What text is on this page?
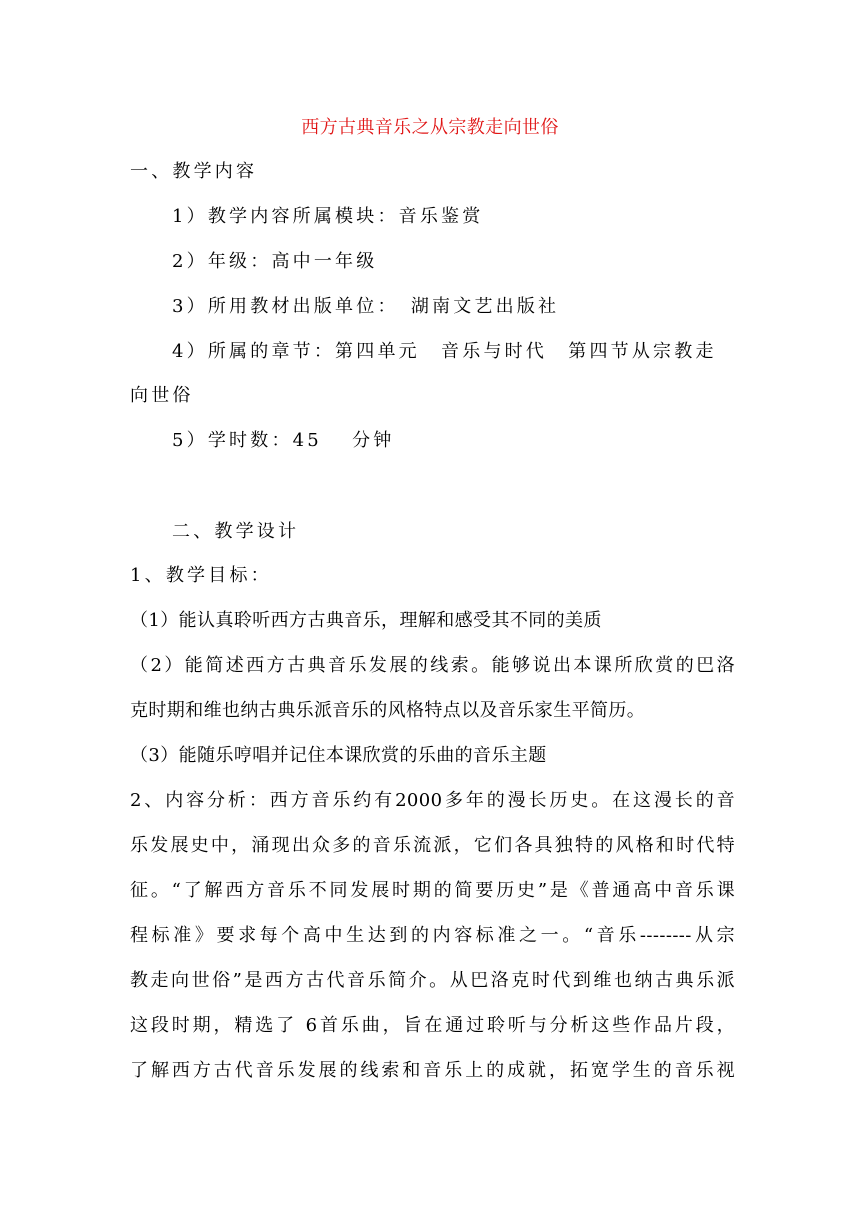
西方古典音乐之从宗教走向世俗
一、教学内容
1）教学内容所属模块：音乐鉴赏
2）年级：高中一年级
3）所用教材出版单位：　湖南文艺出版社
4）所属的章节：第四单元　音乐与时代　第四节从宗教走
向世俗
5）学时数：45　 分钟
二、教学设计
1、教学目标：
（1）能认真聆听西方古典音乐，理解和感受其不同的美质
（2）能简述西方古典音乐发展的线索。能够说出本课所欣赏的巴洛
克时期和维也纳古典乐派音乐的风格特点以及音乐家生平简历。
（3）能随乐哼唱并记住本课欣赏的乐曲的音乐主题
2、内容分析：西方音乐约有2000多年的漫长历史。在这漫长的音
乐发展史中，涌现出众多的音乐流派，它们各具独特的风格和时代特
征。“了解西方音乐不同发展时期的简要历史”是《普通高中音乐课
程标准》要求每个高中生达到的内容标准之一。“音乐--------从宗
教走向世俗”是西方古代音乐简介。从巴洛克时代到维也纳古典乐派
这段时期，精选了 6首乐曲，旨在通过聆听与分析这些作品片段，
了解西方古代音乐发展的线索和音乐上的成就，拓宽学生的音乐视
